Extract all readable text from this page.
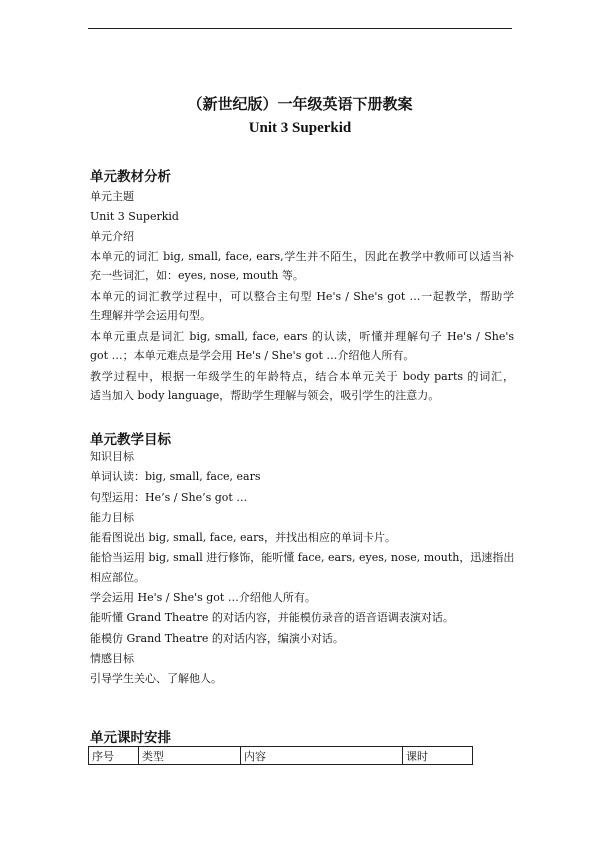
（新世纪版）一年级英语下册教案
Unit 3 Superkid
单元教材分析
单元主题
Unit 3 Superkid
单元介绍
本单元的词汇 big, small, face, ears,学生并不陌生，因此在教学中教师可以适当补
充一些词汇，如：eyes, nose, mouth 等。
本单元的词汇教学过程中，可以整合主句型 He's / She's got …一起教学，帮助学
生理解并学会运用句型。
本单元重点是词汇 big, small, face, ears 的认读，听懂并理解句子 He's / She's
got …；本单元难点是学会用 He's / She's got …介绍他人所有。
教学过程中，根据一年级学生的年龄特点，结合本单元关于 body parts 的词汇，
适当加入 body language，帮助学生理解与领会，吸引学生的注意力。
单元教学目标
知识目标
单词认读：big, small, face, ears
句型运用：He’s / She’s got …
能力目标
能看图说出 big, small, face, ears，并找出相应的单词卡片。
能恰当运用 big, small 进行修饰，能听懂 face, ears, eyes, nose, mouth，迅速指出
相应部位。
学会运用 He's / She's got …介绍他人所有。
能听懂 Grand Theatre 的对话内容，并能模仿录音的语音语调表演对话。
能模仿 Grand Theatre 的对话内容，编演小对话。
情感目标
引导学生关心、了解他人。
单元课时安排
序号	类型	内容	课时
